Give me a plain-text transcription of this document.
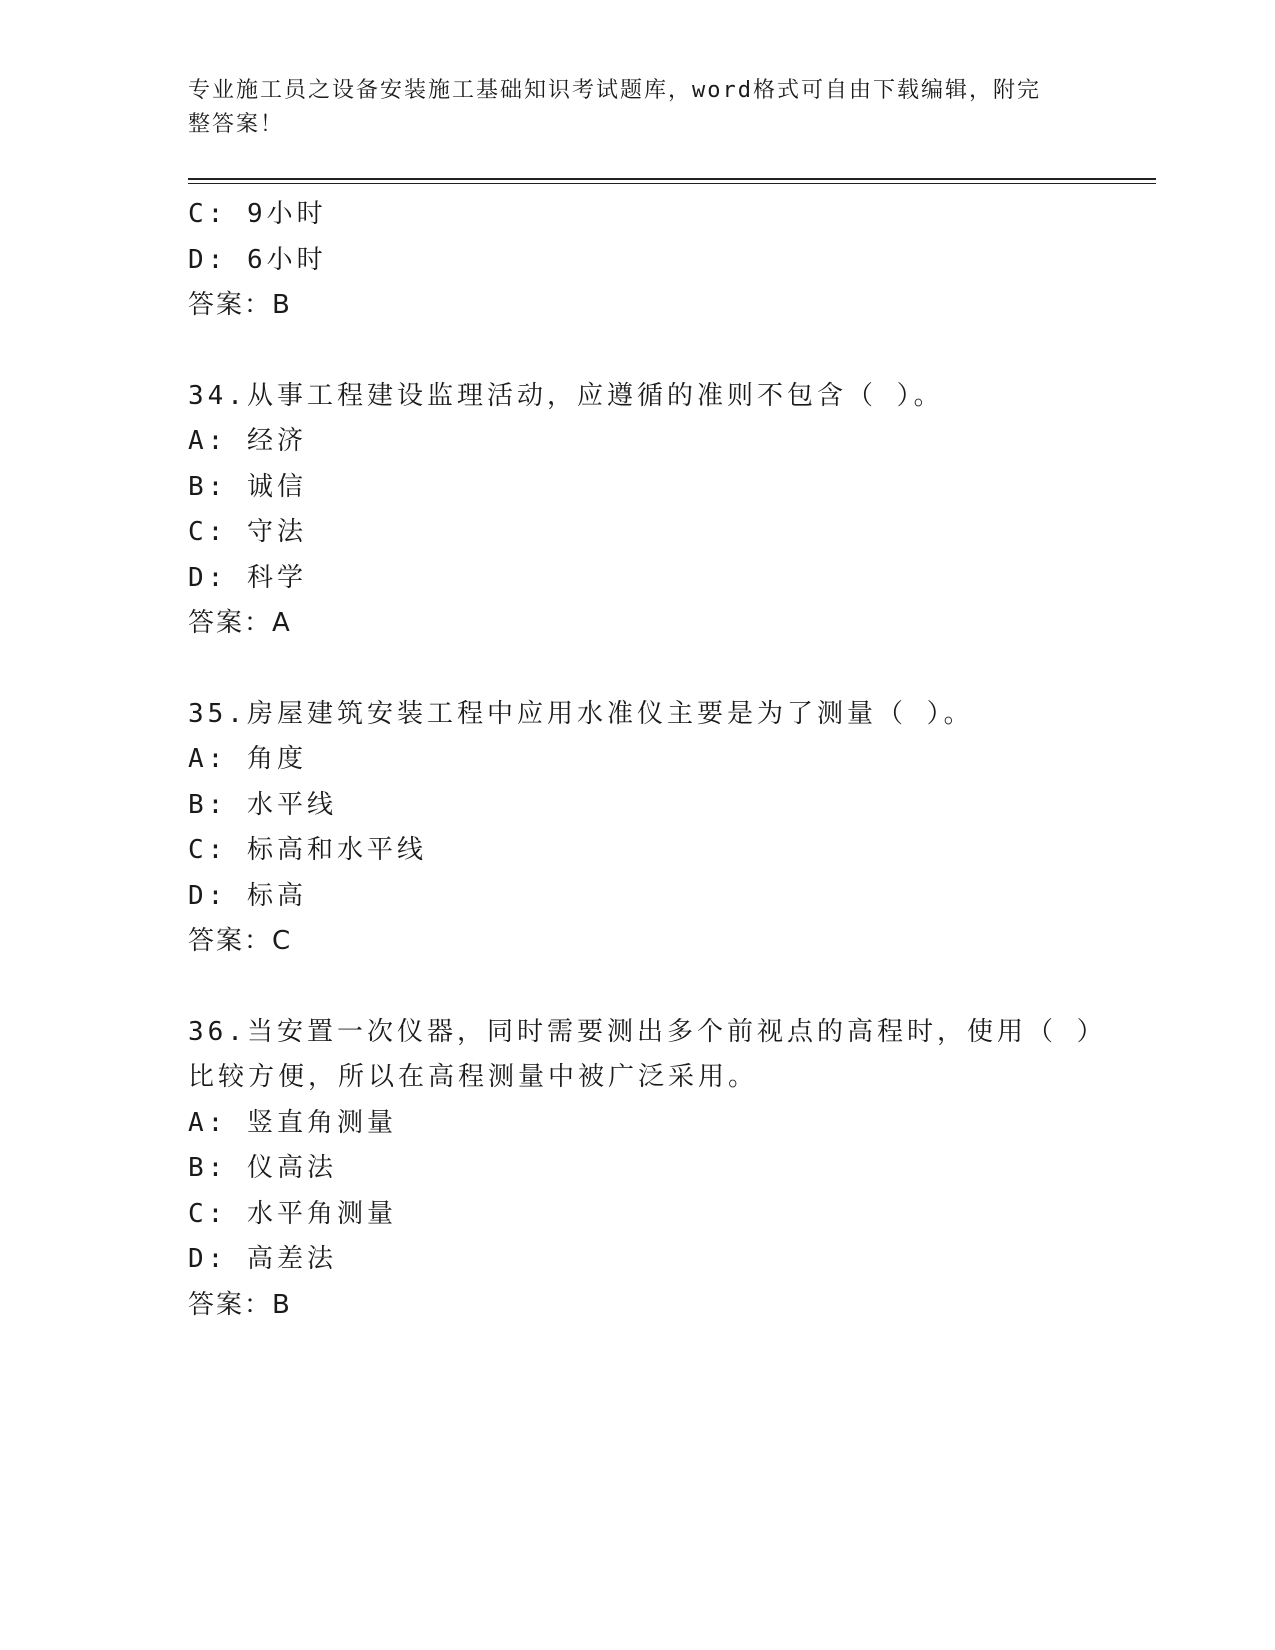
专业施工员之设备安装施工基础知识考试题库，word格式可自由下载编辑，附完
整答案！
C: 9小时
D: 6小时
答案：B
34.从事工程建设监理活动，应遵循的准则不包含（ ）。
A: 经济
B: 诚信
C: 守法
D: 科学
答案：A
35.房屋建筑安装工程中应用水准仪主要是为了测量（ ）。
A: 角度
B: 水平线
C: 标高和水平线
D: 标高
答案：C
36.当安置一次仪器，同时需要测出多个前视点的高程时，使用（ ）
比较方便，所以在高程测量中被广泛采用。
A: 竖直角测量
B: 仪高法
C: 水平角测量
D: 高差法
答案：B
